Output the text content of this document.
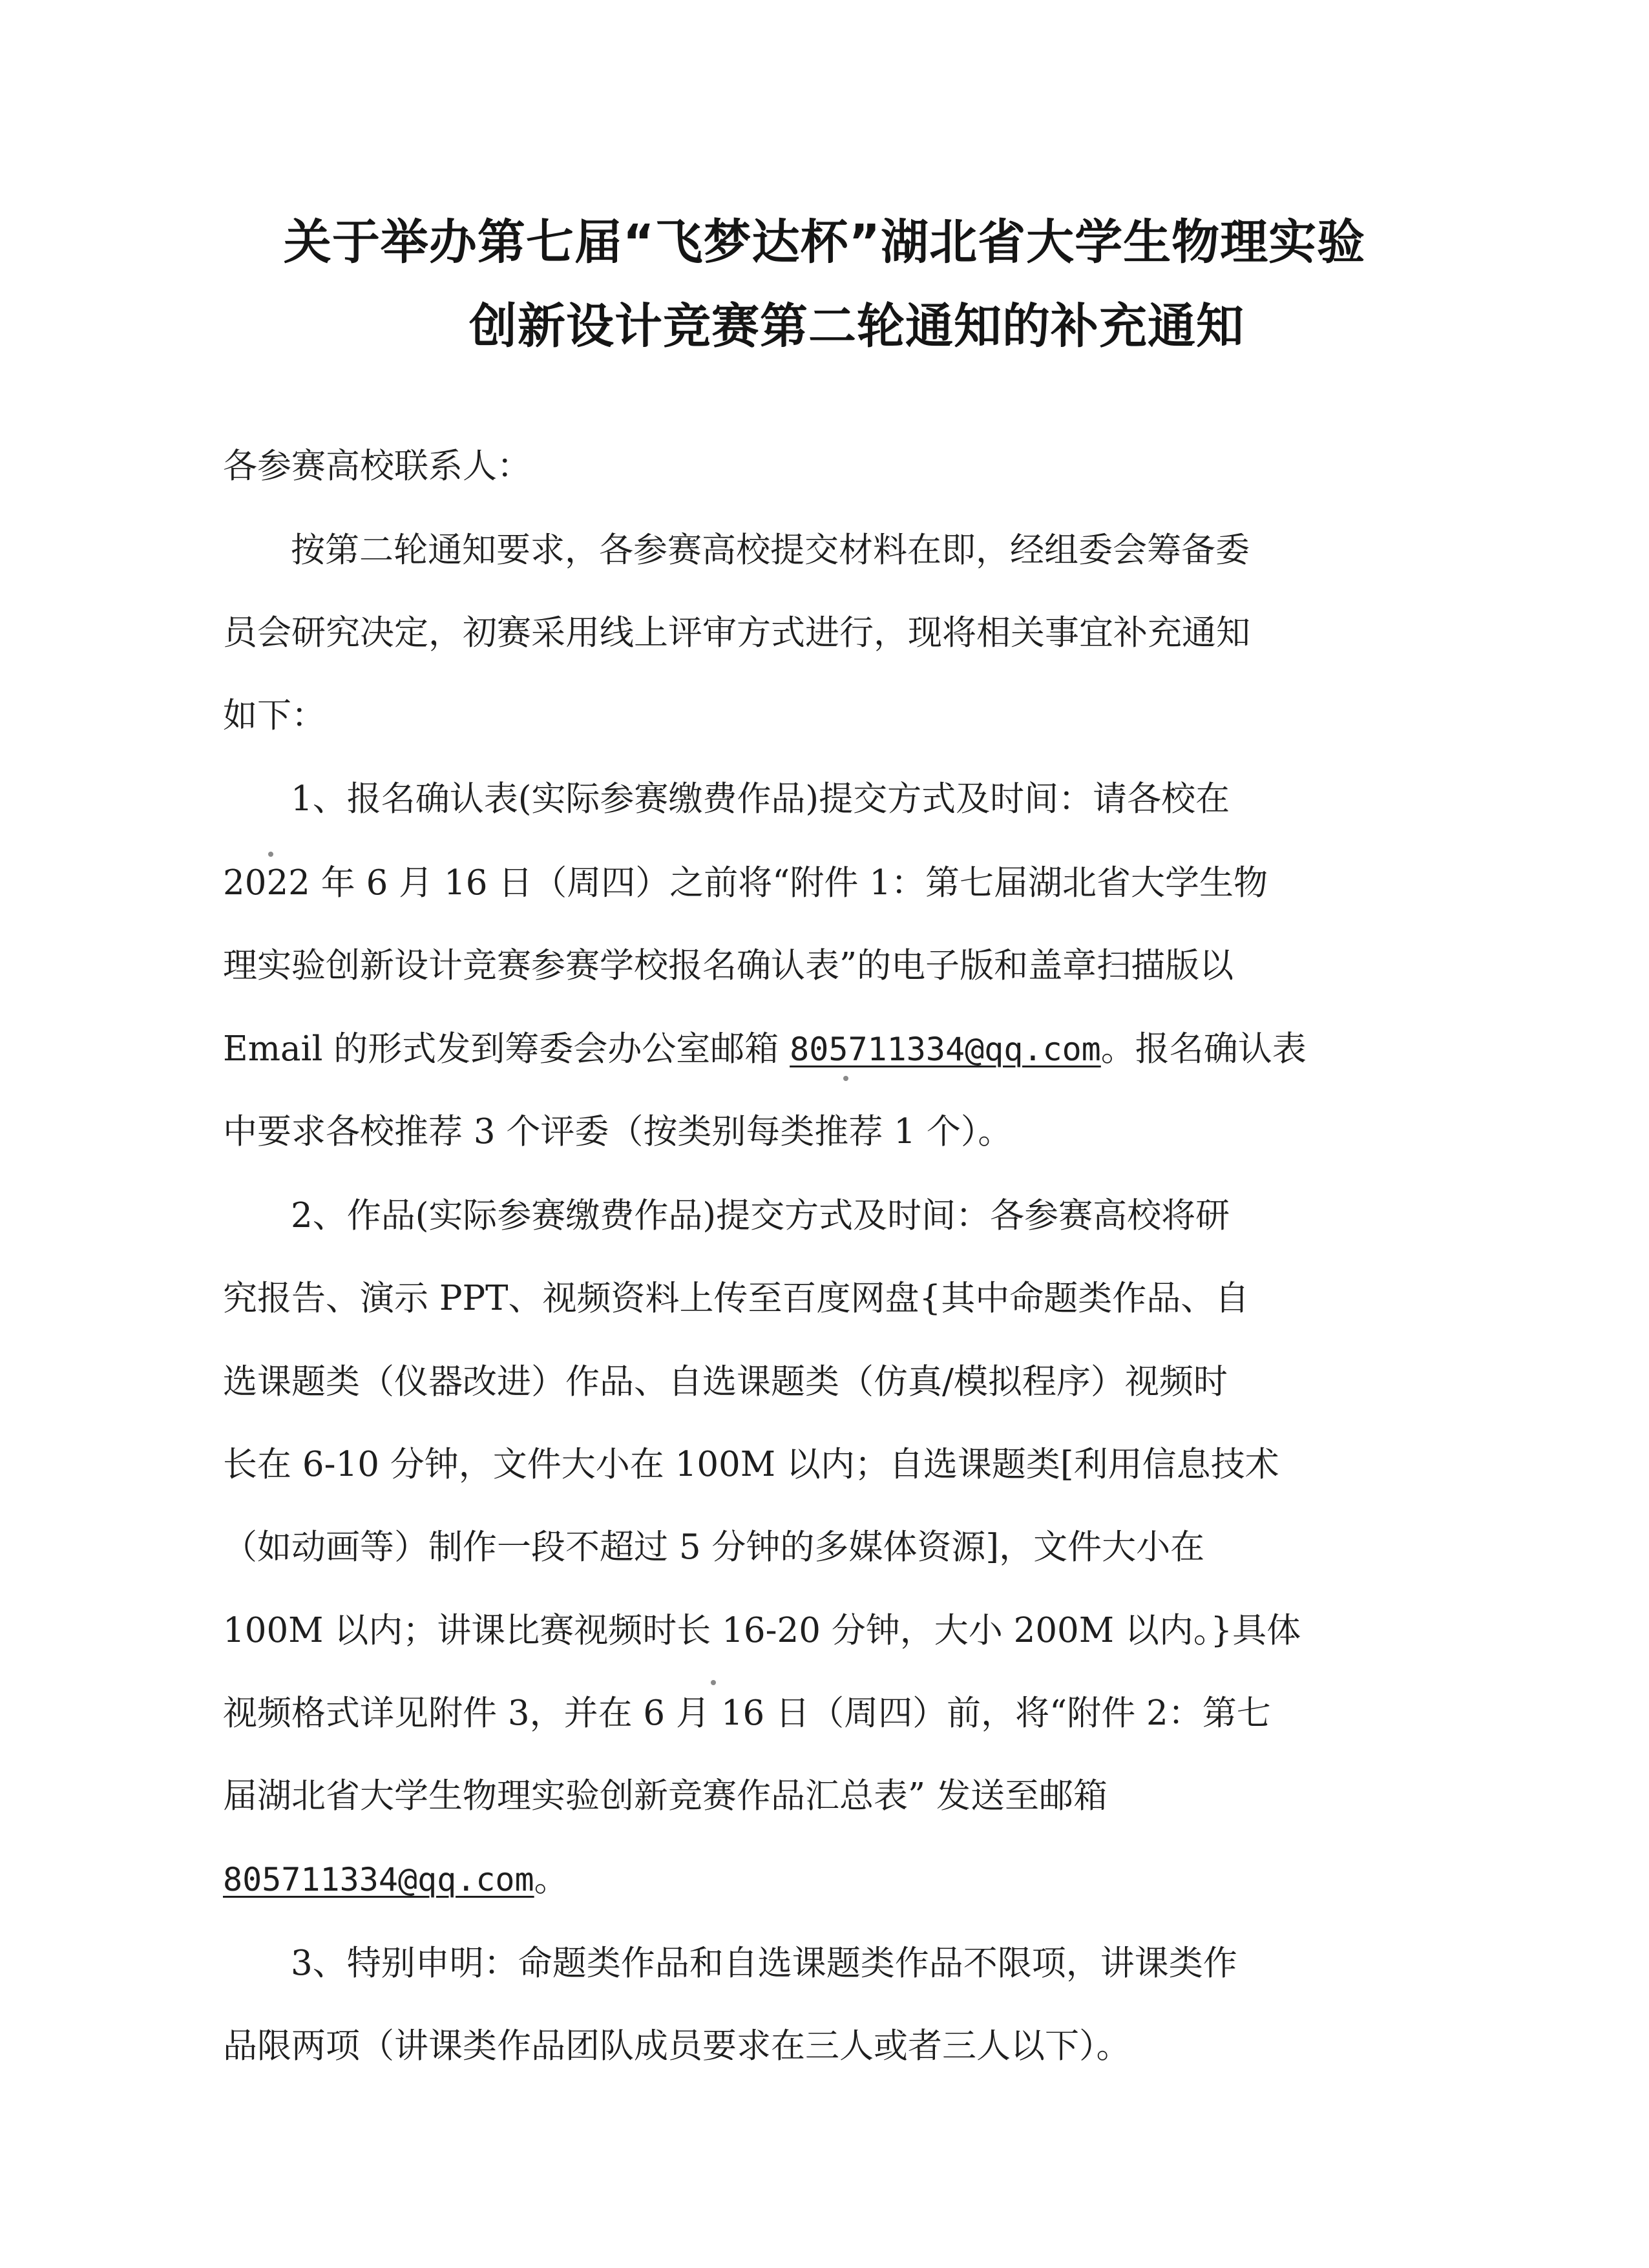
关于举办第七届“飞梦达杯”湖北省大学生物理实验
创新设计竞赛第二轮通知的补充通知
各参赛高校联系人：
按第二轮通知要求，各参赛高校提交材料在即，经组委会筹备委
员会研究决定，初赛采用线上评审方式进行，现将相关事宜补充通知
如下：
1、报名确认表(实际参赛缴费作品)提交方式及时间：请各校在
2022 年 6 月 16 日（周四）之前将“附件 1：第七届湖北省大学生物
理实验创新设计竞赛参赛学校报名确认表”的电子版和盖章扫描版以
Email 的形式发到筹委会办公室邮箱 805711334@qq.com。报名确认表
中要求各校推荐 3 个评委（按类别每类推荐 1 个）。
2、作品(实际参赛缴费作品)提交方式及时间：各参赛高校将研
究报告、演示 PPT、视频资料上传至百度网盘{其中命题类作品、自
选课题类（仪器改进）作品、自选课题类（仿真/模拟程序）视频时
长在 6-10 分钟，文件大小在 100M 以内；自选课题类[利用信息技术
（如动画等）制作一段不超过 5 分钟的多媒体资源]，文件大小在
100M 以内；讲课比赛视频时长 16-20 分钟，大小 200M 以内。}具体
视频格式详见附件 3，并在 6 月 16 日（周四）前，将“附件 2：第七
届湖北省大学生物理实验创新竞赛作品汇总表” 发送至邮箱
805711334@qq.com。
3、特别申明：命题类作品和自选课题类作品不限项，讲课类作
品限两项（讲课类作品团队成员要求在三人或者三人以下）。
